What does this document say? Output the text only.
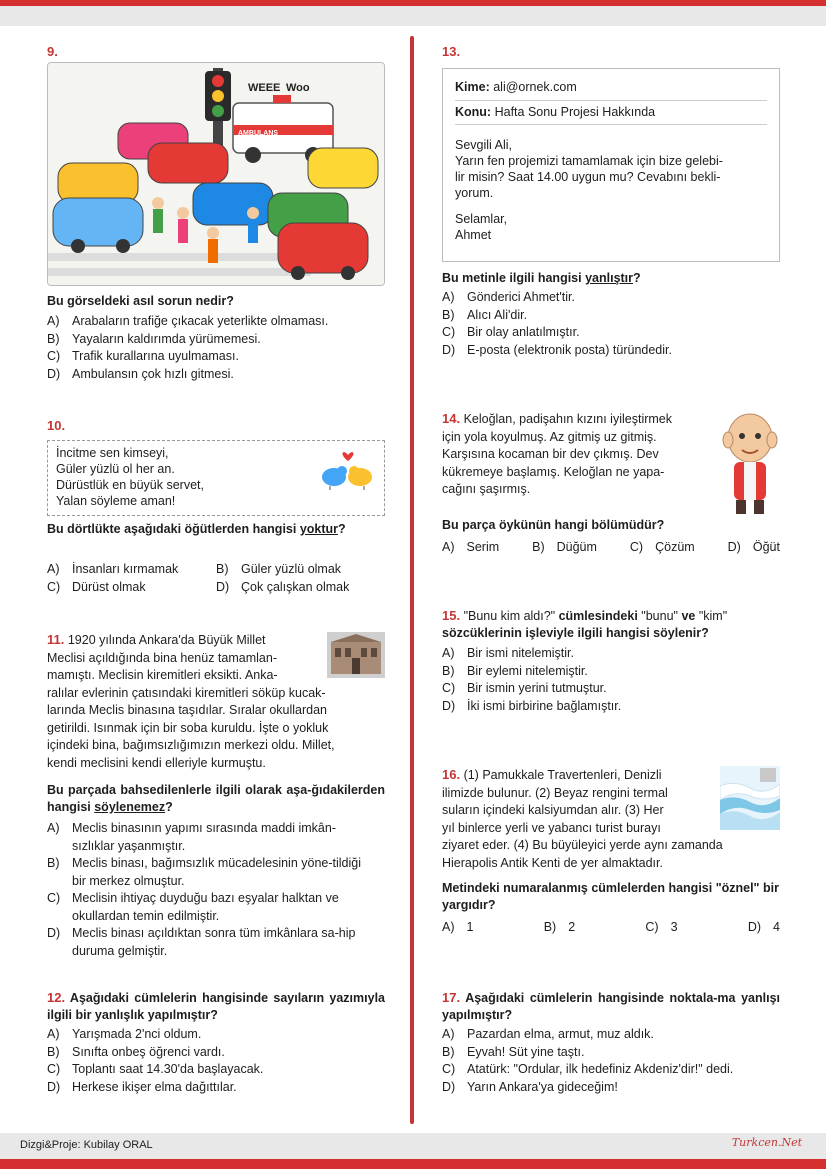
9.
AMBULANS
WEEE Woo
Bu görseldeki asıl sorun nedir?
A)	Arabaların trafiğe çıkacak yeterlikte olmaması.
B)	Yayaların kaldırımda yürümemesi.
C) Trafik kurallarına uyulmaması.
D) Ambulansın çok hızlı gitmesi.
10.
İncitme sen kimseyi,
Güler yüzlü ol her an.
Dürüstlük en büyük servet,
Yalan söyleme aman!
Bu dörtlükte aşağıdaki öğütlerden hangisi yoktur?
A)	İnsanları kırmamak	B)	Güler yüzlü olmak
C) Dürüst olmak	D) Çok çalışkan olmak
11. 1920 yılında Ankara'da Büyük Millet
Meclisi açıldığında bina henüz tamamlan-
mamıştı. Meclisin kiremitleri eksikti. Anka-
ralılar evlerinin çatısındaki kiremitleri söküp kucak-
larında Meclis binasına taşıdılar. Sıralar okullardan
getirildi. Isınmak için bir soba kuruldu. İşte o yokluk
içindeki bina, bağımsızlığımızın merkezi oldu. Millet,
kendi meclisini kendi elleriyle kurmuştu.
Bu parçada bahsedilenlerle ilgili olarak aşa-ğıdakilerden hangisi söylenemez?
A)	Meclis binasının yapımı sırasında maddi imkân-sızlıklar yaşanmıştır.
B)	Meclis binası, bağımsızlık mücadelesinin yöne-tildiği bir merkez olmuştur.
C) Meclisin ihtiyaç duyduğu bazı eşyalar halktan ve okullardan temin edilmiştir.
D) Meclis binası açıldıktan sonra tüm imkânlara sa-hip duruma gelmiştir.
12. Aşağıdaki cümlelerin hangisinde sayıların yazımıyla ilgili bir yanlışlık yapılmıştır?
A)	Yarışmada 2'nci oldum.
B)	Sınıfta onbeş öğrenci vardı.
C) Toplantı saat 14.30'da başlayacak.
D) Herkese ikişer elma dağıttılar.
13.
Kime: ali@ornek.com
Konu: Hafta Sonu Projesi Hakkında
Sevgili Ali,
Yarın fen projemizi tamamlamak için bize gelebi-
lir misin? Saat 14.00 uygun mu? Cevabını bekli-
yorum.
Selamlar,
Ahmet
Bu metinle ilgili hangisi yanlıştır?
A)	Gönderici Ahmet'tir.
B)	Alıcı Ali'dir.
C) Bir olay anlatılmıştır.
D) E-posta (elektronik posta) türündedir.
14. Keloğlan, padişahın kızını iyileştirmek
için yola koyulmuş. Az gitmiş uz gitmiş.
Karşısına kocaman bir dev çıkmış. Dev
kükremeye başlamış. Keloğlan ne yapa-
cağını şaşırmış.
Bu parça öykünün hangi bölümüdür?
A) Serim	B) Düğüm	C) Çözüm	D) Öğüt
15. "Bunu kim aldı?" cümlesindeki "bunu" ve "kim"
sözcüklerinin işleviyle ilgili hangisi söylenir?
A)	Bir ismi nitelemiştir.
B)	Bir eylemi nitelemiştir.
C) Bir ismin yerini tutmuştur.
D) İki ismi birbirine bağlamıştır.
16. (1) Pamukkale Travertenleri, Denizli
ilimizde bulunur. (2) Beyaz rengini termal
suların içindeki kalsiyumdan alır. (3) Her
yıl binlerce yerli ve yabancı turist burayı
ziyaret eder. (4) Bu büyüleyici yerde aynı zamanda
Hierapolis Antik Kenti de yer almaktadır.
Metindeki numaralanmış cümlelerden hangisi "öznel" bir yargıdır?
A) 1	B) 2	C) 3	D) 4
17. Aşağıdaki cümlelerin hangisinde noktala-ma yanlışı yapılmıştır?
A)	Pazardan elma, armut, muz aldık.
B)	Eyvah! Süt yine taştı.
C) Atatürk: "Ordular, ilk hedefiniz Akdeniz'dir!" dedi.
D) Yarın Ankara'ya gideceğim!
Dizgi&Proje: Kubilay ORAL	Turkcen.Net
